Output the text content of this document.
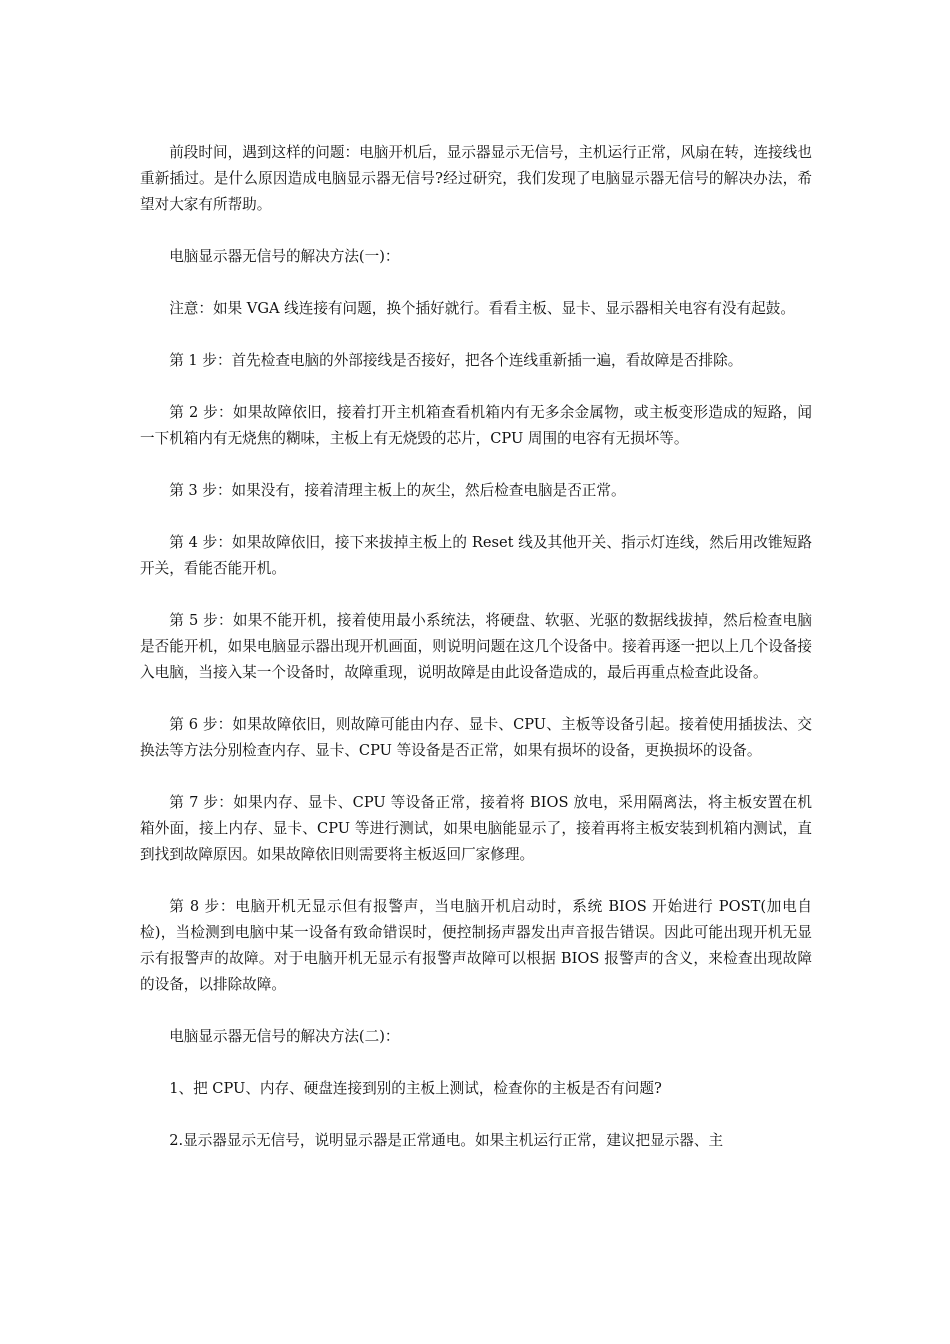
前段时间，遇到这样的问题：电脑开机后，显示器显示无信号，主机运行正常，风扇在转，连接线也重新插过。是什么原因造成电脑显示器无信号?经过研究，我们发现了电脑显示器无信号的解决办法，希望对大家有所帮助。

电脑显示器无信号的解决方法(一)：

注意：如果 VGA 线连接有问题，换个插好就行。看看主板、显卡、显示器相关电容有没有起鼓。

第 1 步：首先检查电脑的外部接线是否接好，把各个连线重新插一遍，看故障是否排除。

第 2 步：如果故障依旧，接着打开主机箱查看机箱内有无多余金属物，或主板变形造成的短路，闻一下机箱内有无烧焦的糊味，主板上有无烧毁的芯片，CPU 周围的电容有无损坏等。

第 3 步：如果没有，接着清理主板上的灰尘，然后检查电脑是否正常。

第 4 步：如果故障依旧，接下来拔掉主板上的 Reset 线及其他开关、指示灯连线，然后用改锥短路开关，看能否能开机。

第 5 步：如果不能开机，接着使用最小系统法，将硬盘、软驱、光驱的数据线拔掉，然后检查电脑是否能开机，如果电脑显示器出现开机画面，则说明问题在这几个设备中。接着再逐一把以上几个设备接入电脑，当接入某一个设备时，故障重现，说明故障是由此设备造成的，最后再重点检查此设备。

第 6 步：如果故障依旧，则故障可能由内存、显卡、CPU、主板等设备引起。接着使用插拔法、交换法等方法分别检查内存、显卡、CPU 等设备是否正常，如果有损坏的设备，更换损坏的设备。

第 7 步：如果内存、显卡、CPU 等设备正常，接着将 BIOS 放电，采用隔离法，将主板安置在机箱外面，接上内存、显卡、CPU 等进行测试，如果电脑能显示了，接着再将主板安装到机箱内测试，直到找到故障原因。如果故障依旧则需要将主板返回厂家修理。

第 8 步：电脑开机无显示但有报警声，当电脑开机启动时，系统 BIOS 开始进行 POST(加电自检)，当检测到电脑中某一设备有致命错误时，便控制扬声器发出声音报告错误。因此可能出现开机无显示有报警声的故障。对于电脑开机无显示有报警声故障可以根据 BIOS 报警声的含义，来检查出现故障的设备，以排除故障。

电脑显示器无信号的解决方法(二)：

1、把 CPU、内存、硬盘连接到别的主板上测试，检查你的主板是否有问题?

2.显示器显示无信号，说明显示器是正常通电。如果主机运行正常，建议把显示器、主
